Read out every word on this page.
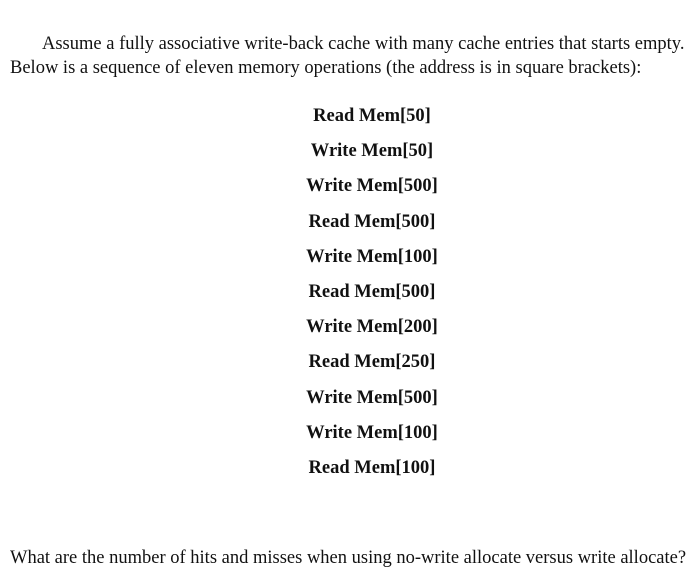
Assume a fully associative write-back cache with many cache entries that starts empty.
Below is a sequence of eleven memory operations (the address is in square brackets):

Read Mem[50]
Write Mem[50]
Write Mem[500]
Read Mem[500]
Write Mem[100]
Read Mem[500]
Write Mem[200]
Read Mem[250]
Write Mem[500]
Write Mem[100]
Read Mem[100]

What are the number of hits and misses when using no-write allocate versus write allocate?
